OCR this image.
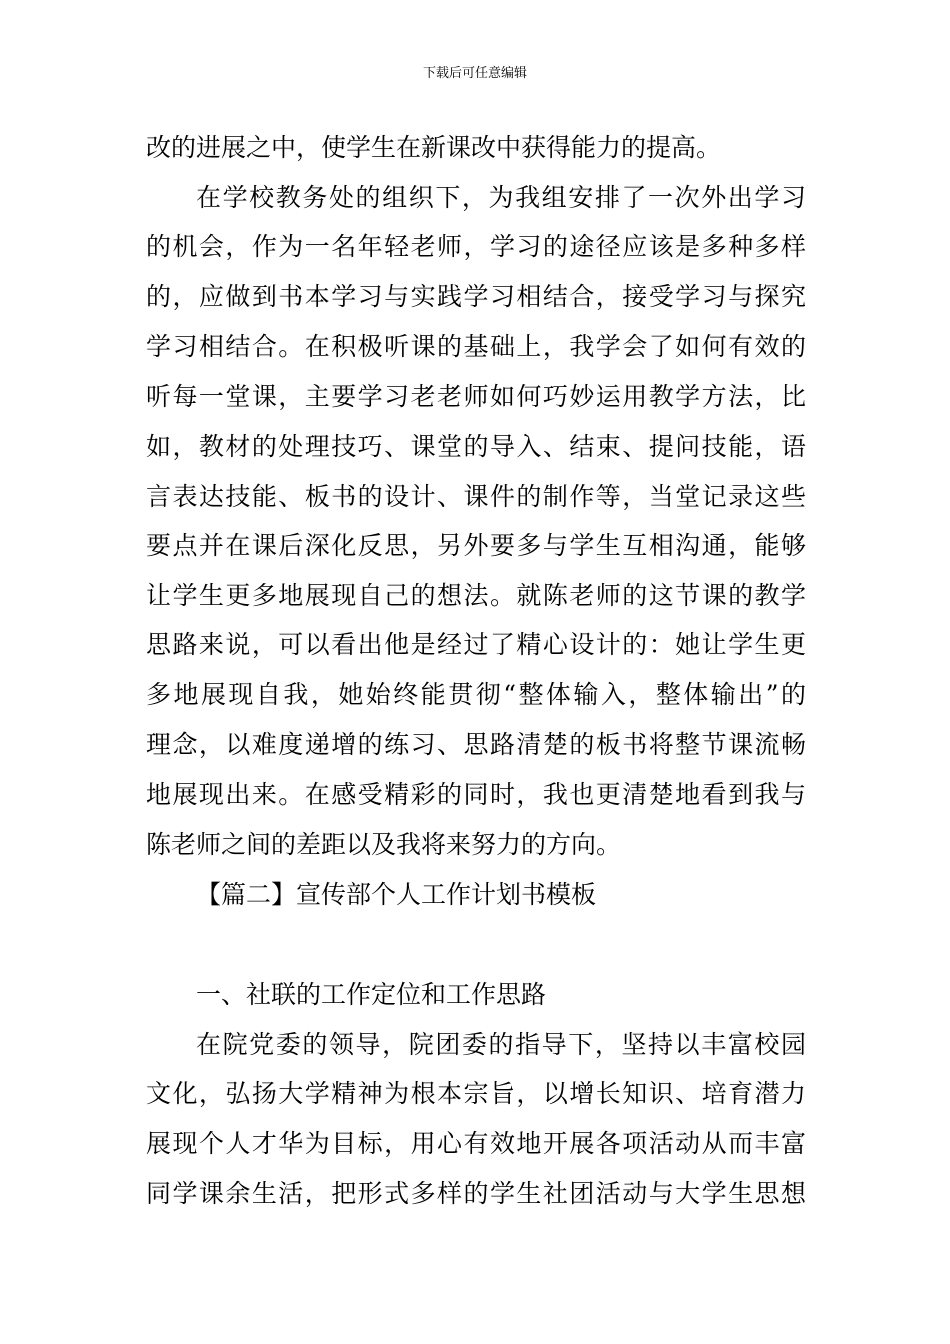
下载后可任意编辑
改的进展之中，使学生在新课改中获得能力的提高。
在学校教务处的组织下，为我组安排了一次外出学习
的机会，作为一名年轻老师，学习的途径应该是多种多样
的，应做到书本学习与实践学习相结合，接受学习与探究
学习相结合。在积极听课的基础上，我学会了如何有效的
听每一堂课，主要学习老老师如何巧妙运用教学方法，比
如，教材的处理技巧、课堂的导入、结束、提问技能，语
言表达技能、板书的设计、课件的制作等，当堂记录这些
要点并在课后深化反思，另外要多与学生互相沟通，能够
让学生更多地展现自己的想法。就陈老师的这节课的教学
思路来说，可以看出他是经过了精心设计的：她让学生更
多地展现自我，她始终能贯彻“整体输入，整体输出”的
理念，以难度递增的练习、思路清楚的板书将整节课流畅
地展现出来。在感受精彩的同时，我也更清楚地看到我与
陈老师之间的差距以及我将来努力的方向。
【篇二】宣传部个人工作计划书模板
一、社联的工作定位和工作思路
在院党委的领导，院团委的指导下，坚持以丰富校园
文化，弘扬大学精神为根本宗旨，以增长知识、培育潜力
展现个人才华为目标，用心有效地开展各项活动从而丰富
同学课余生活，把形式多样的学生社团活动与大学生思想
